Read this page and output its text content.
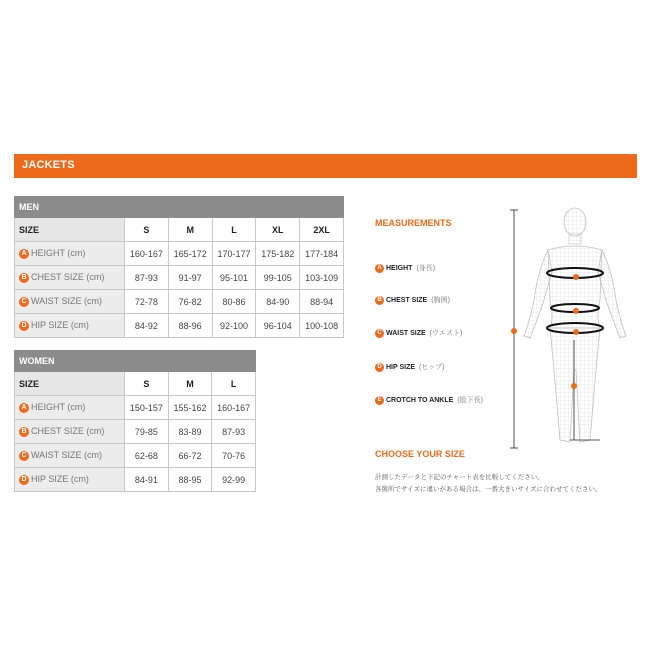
JACKETS
MEN					
SIZE	S	M	L	XL	2XL
A HEIGHT (cm)	160-167	165-172	170-177	175-182	177-184
B CHEST SIZE (cm)	87-93	91-97	95-101	99-105	103-109
C WAIST SIZE (cm)	72-78	76-82	80-86	84-90	88-94
D HIP SIZE (cm)	84-92	88-96	92-100	96-104	100-108
WOMEN			
SIZE	S	M	L
A HEIGHT (cm)	150-157	155-162	160-167
B CHEST SIZE (cm)	79-85	83-89	87-93
C WAIST SIZE (cm)	62-68	66-72	70-76
D HIP SIZE (cm)	84-91	88-95	92-99
MEASUREMENTS
A HEIGHT (身長)
B CHEST SIZE (胸囲)
C WAIST SIZE (ウエスト)
D HIP SIZE (ヒップ)
E CROTCH TO ANKLE (股下長)
CHOOSE YOUR SIZE
計測したデータと下記のチャート表を比較してください。
各箇所でサイズに違いがある場合は、一番大きいサイズに合わせてください。
